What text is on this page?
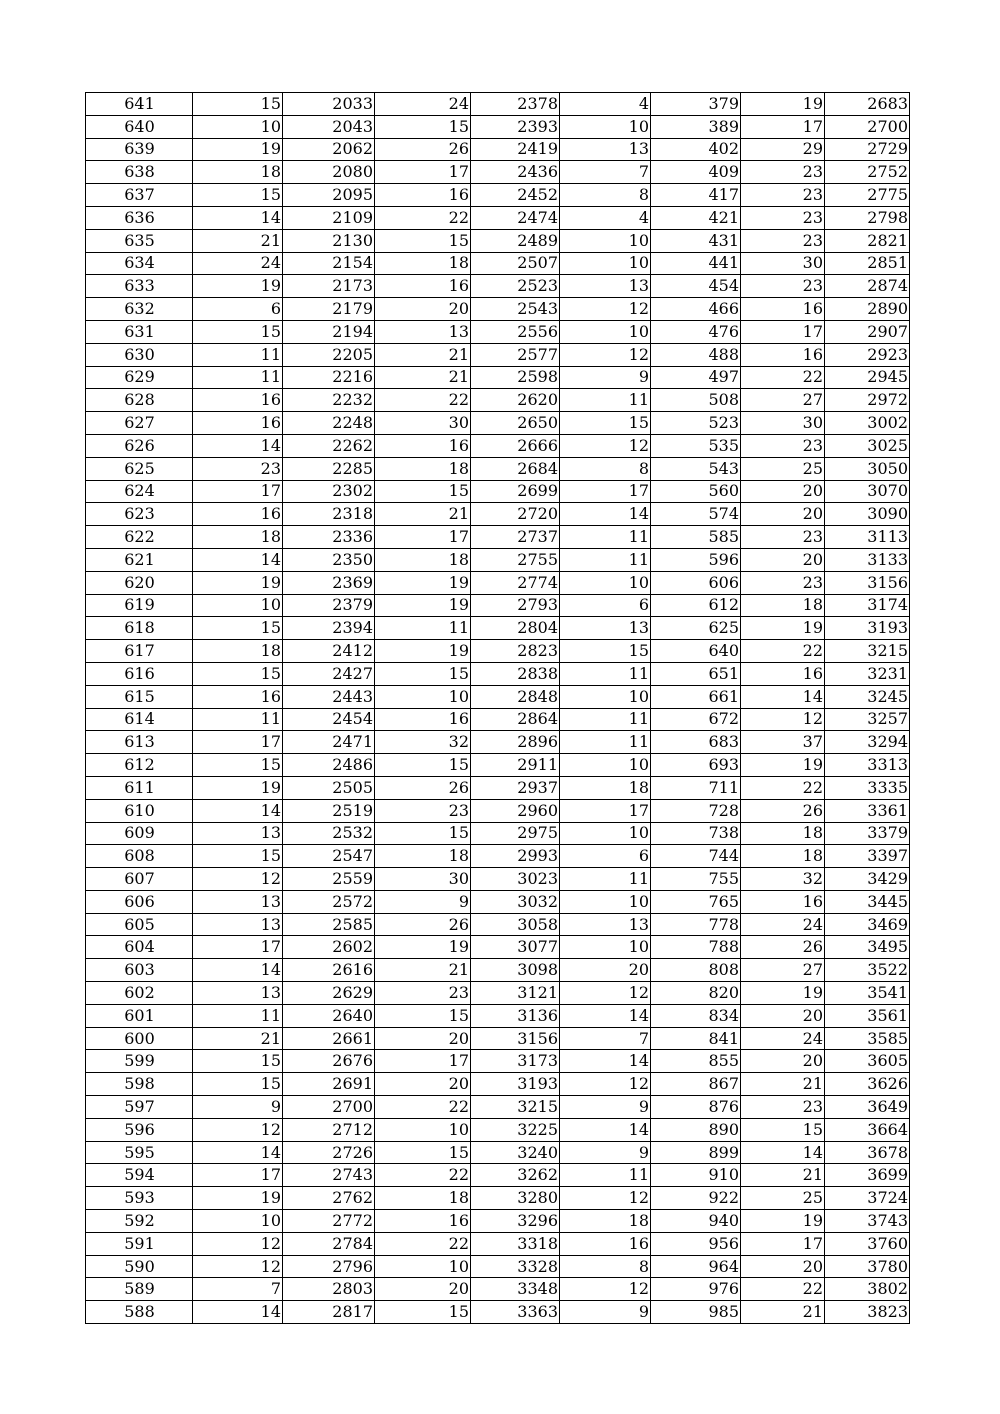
641	15	2033	24	2378	4	379	19	2683
640	10	2043	15	2393	10	389	17	2700
639	19	2062	26	2419	13	402	29	2729
638	18	2080	17	2436	7	409	23	2752
637	15	2095	16	2452	8	417	23	2775
636	14	2109	22	2474	4	421	23	2798
635	21	2130	15	2489	10	431	23	2821
634	24	2154	18	2507	10	441	30	2851
633	19	2173	16	2523	13	454	23	2874
632	6	2179	20	2543	12	466	16	2890
631	15	2194	13	2556	10	476	17	2907
630	11	2205	21	2577	12	488	16	2923
629	11	2216	21	2598	9	497	22	2945
628	16	2232	22	2620	11	508	27	2972
627	16	2248	30	2650	15	523	30	3002
626	14	2262	16	2666	12	535	23	3025
625	23	2285	18	2684	8	543	25	3050
624	17	2302	15	2699	17	560	20	3070
623	16	2318	21	2720	14	574	20	3090
622	18	2336	17	2737	11	585	23	3113
621	14	2350	18	2755	11	596	20	3133
620	19	2369	19	2774	10	606	23	3156
619	10	2379	19	2793	6	612	18	3174
618	15	2394	11	2804	13	625	19	3193
617	18	2412	19	2823	15	640	22	3215
616	15	2427	15	2838	11	651	16	3231
615	16	2443	10	2848	10	661	14	3245
614	11	2454	16	2864	11	672	12	3257
613	17	2471	32	2896	11	683	37	3294
612	15	2486	15	2911	10	693	19	3313
611	19	2505	26	2937	18	711	22	3335
610	14	2519	23	2960	17	728	26	3361
609	13	2532	15	2975	10	738	18	3379
608	15	2547	18	2993	6	744	18	3397
607	12	2559	30	3023	11	755	32	3429
606	13	2572	9	3032	10	765	16	3445
605	13	2585	26	3058	13	778	24	3469
604	17	2602	19	3077	10	788	26	3495
603	14	2616	21	3098	20	808	27	3522
602	13	2629	23	3121	12	820	19	3541
601	11	2640	15	3136	14	834	20	3561
600	21	2661	20	3156	7	841	24	3585
599	15	2676	17	3173	14	855	20	3605
598	15	2691	20	3193	12	867	21	3626
597	9	2700	22	3215	9	876	23	3649
596	12	2712	10	3225	14	890	15	3664
595	14	2726	15	3240	9	899	14	3678
594	17	2743	22	3262	11	910	21	3699
593	19	2762	18	3280	12	922	25	3724
592	10	2772	16	3296	18	940	19	3743
591	12	2784	22	3318	16	956	17	3760
590	12	2796	10	3328	8	964	20	3780
589	7	2803	20	3348	12	976	22	3802
588	14	2817	15	3363	9	985	21	3823
